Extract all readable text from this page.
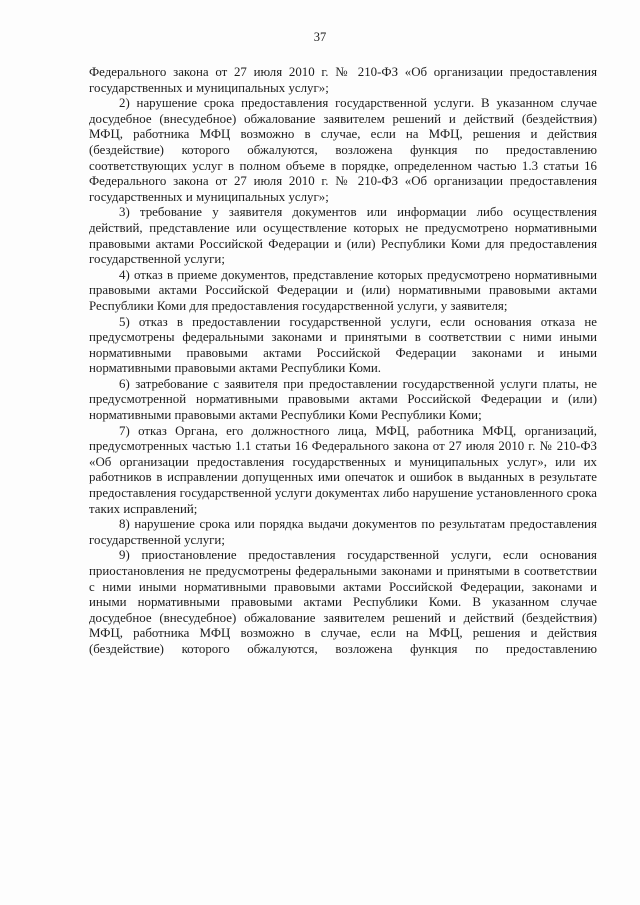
37

Федерального закона от 27 июля 2010 г. № 210-ФЗ «Об организации предоставления государственных и муниципальных услуг»;

2) нарушение срока предоставления государственной услуги. В указанном случае досудебное (внесудебное) обжалование заявителем решений и действий (бездействия) МФЦ, работника МФЦ возможно в случае, если на МФЦ, решения и действия (бездействие) которого обжалуются, возложена функция по предоставлению соответствующих услуг в полном объеме в порядке, определенном частью 1.3 статьи 16 Федерального закона от 27 июля 2010 г. № 210-ФЗ «Об организации предоставления государственных и муниципальных услуг»;

3) требование у заявителя документов или информации либо осуществления действий, представление или осуществление которых не предусмотрено нормативными правовыми актами Российской Федерации и (или) Республики Коми для предоставления государственной услуги;

4) отказ в приеме документов, представление которых предусмотрено нормативными правовыми актами Российской Федерации и (или) нормативными правовыми актами Республики Коми для предоставления государственной услуги, у заявителя;

5) отказ в предоставлении государственной услуги, если основания отказа не предусмотрены федеральными законами и принятыми в соответствии с ними иными нормативными правовыми актами Российской Федерации законами и иными нормативными правовыми актами Республики Коми.

6) затребование с заявителя при предоставлении государственной услуги платы, не предусмотренной нормативными правовыми актами Российской Федерации и (или) нормативными правовыми актами Республики Коми Республики Коми;

7) отказ Органа, его должностного лица, МФЦ, работника МФЦ, организаций, предусмотренных частью 1.1 статьи 16 Федерального закона от 27 июля 2010 г. № 210-ФЗ «Об организации предоставления государственных и муниципальных услуг», или их работников в исправлении допущенных ими опечаток и ошибок в выданных в результате предоставления государственной услуги документах либо нарушение установленного срока таких исправлений;

8) нарушение срока или порядка выдачи документов по результатам предоставления государственной услуги;

9) приостановление предоставления государственной услуги, если основания приостановления не предусмотрены федеральными законами и принятыми в соответствии с ними иными нормативными правовыми актами Российской Федерации, законами и иными нормативными правовыми актами Республики Коми. В указанном случае досудебное (внесудебное) обжалование заявителем решений и действий (бездействия) МФЦ, работника МФЦ возможно в случае, если на МФЦ, решения и действия (бездействие) которого обжалуются, возложена функция по предоставлению
